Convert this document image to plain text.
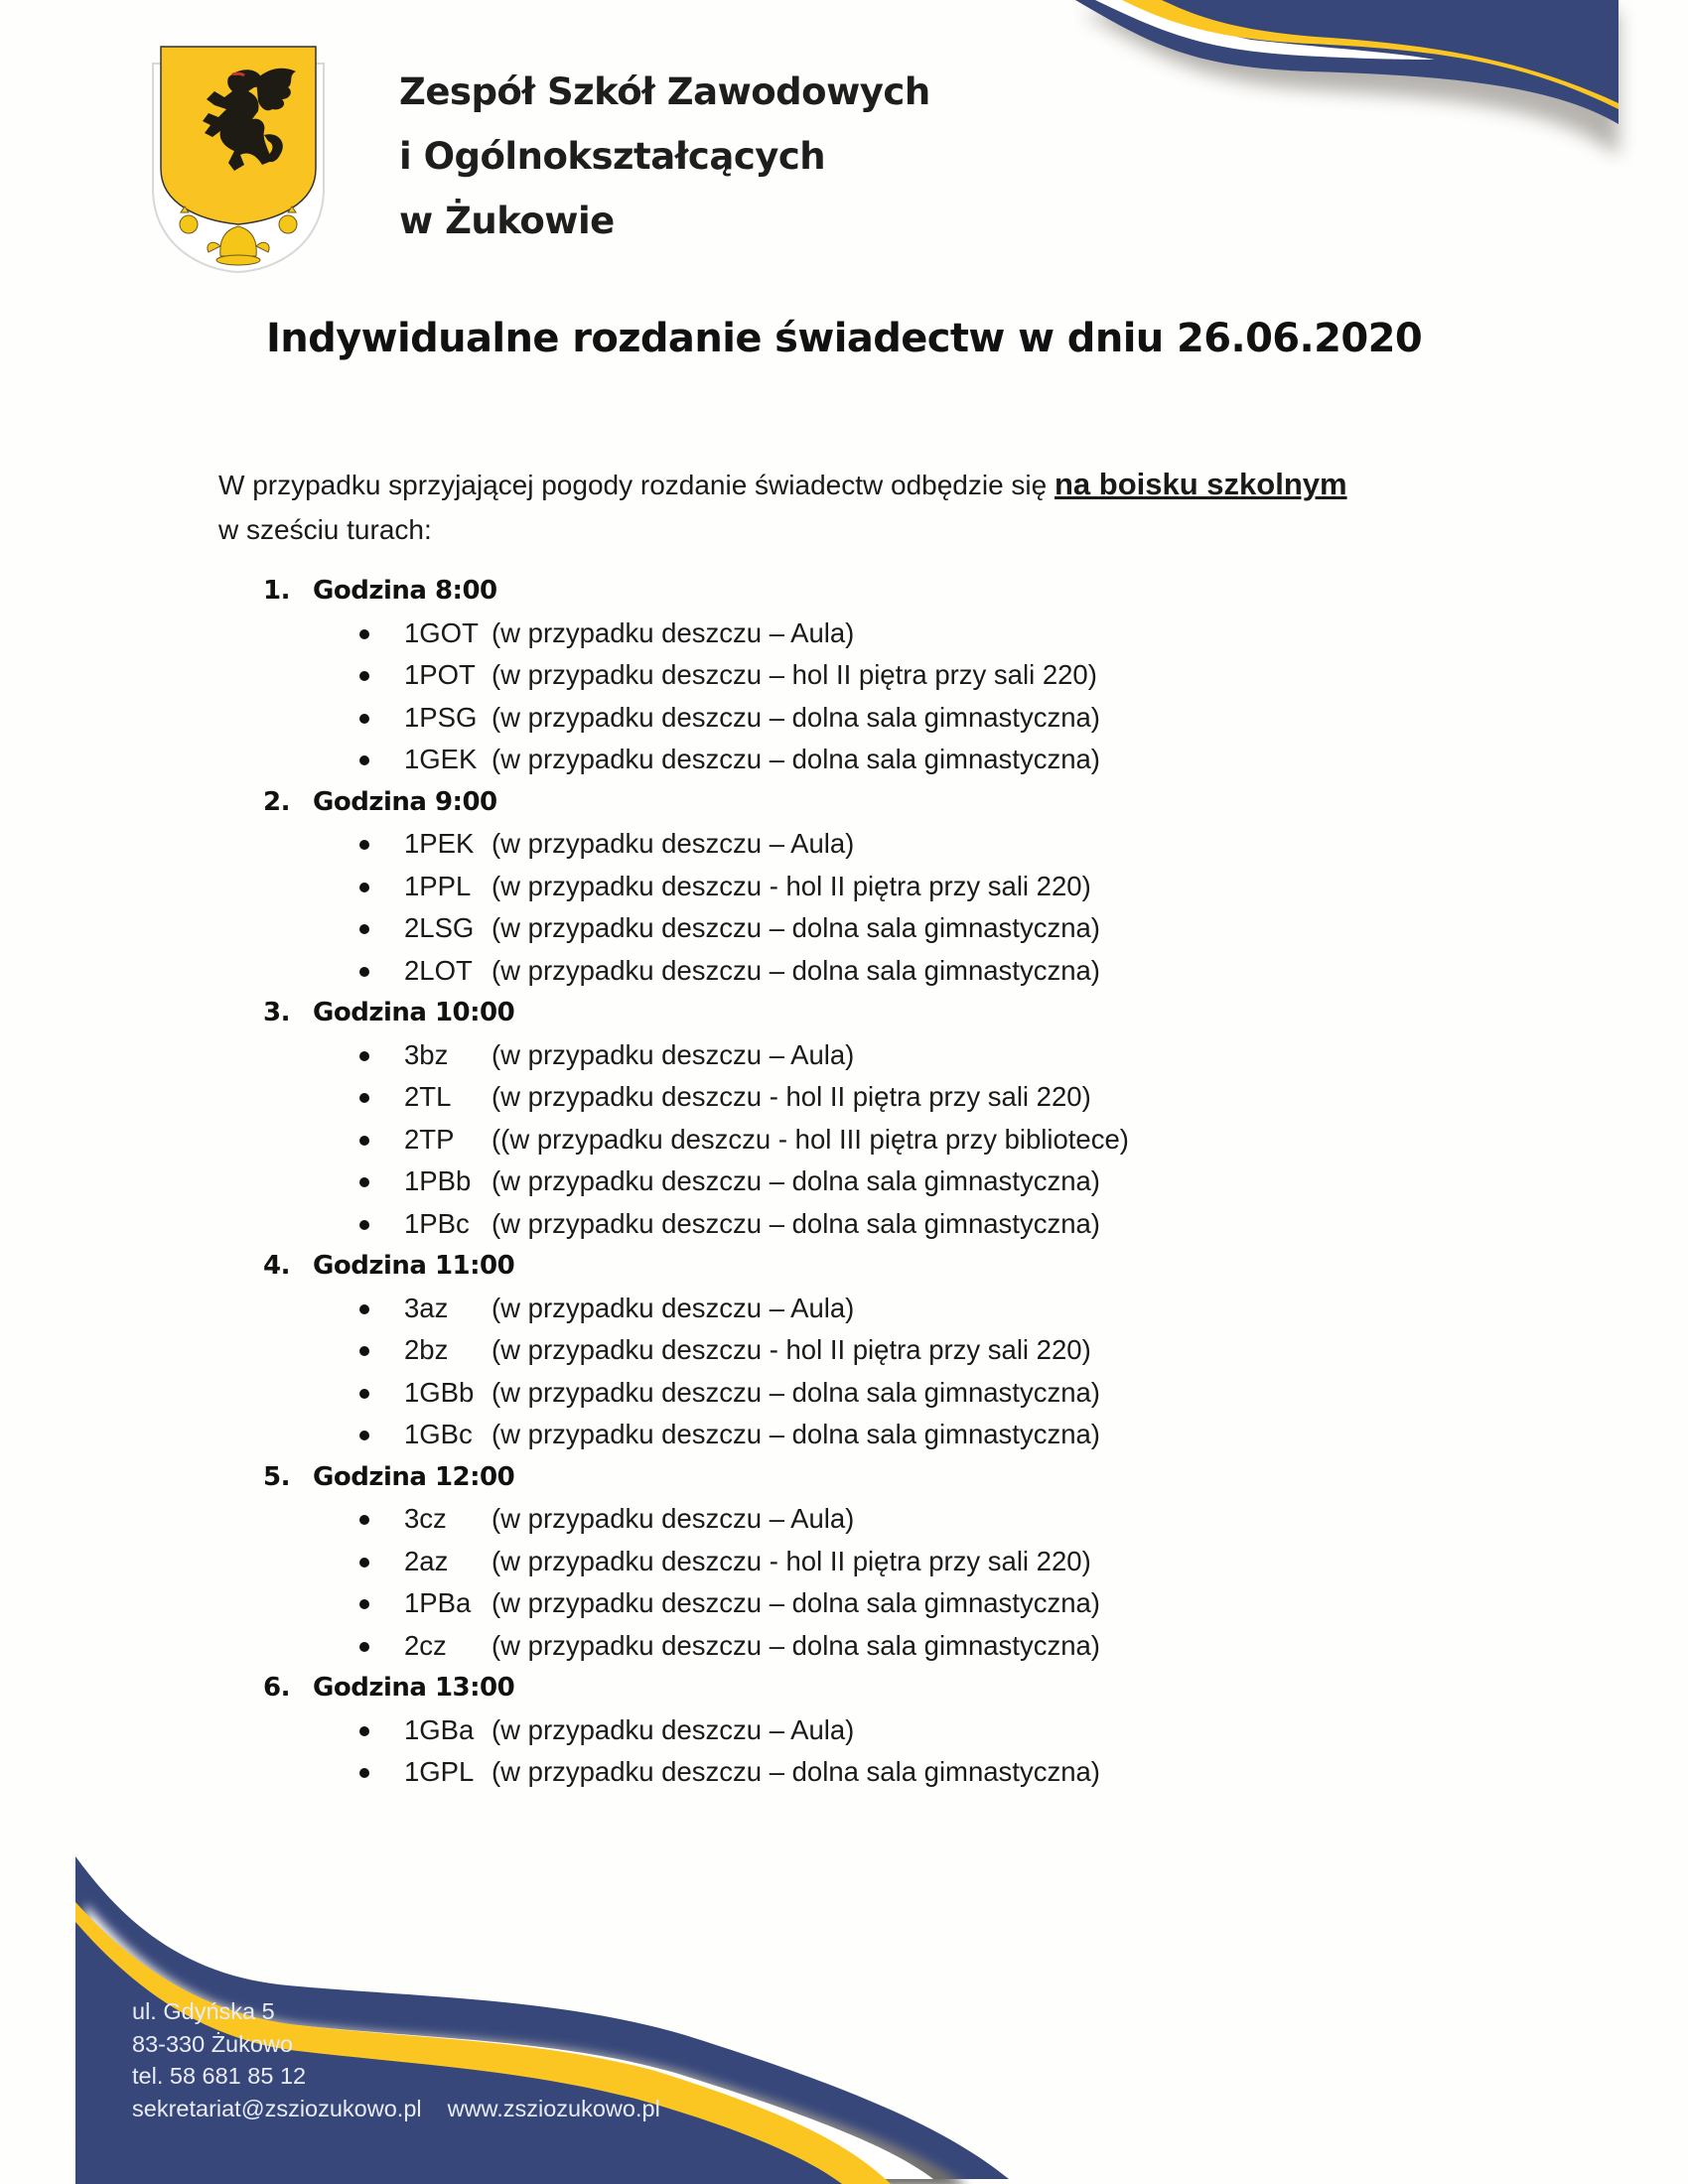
Zespół Szkół Zawodowych
i Ogólnokształcących
w Żukowie
Indywidualne rozdanie świadectw w dniu 26.06.2020
W przypadku sprzyjającej pogody rozdanie świadectw odbędzie się na boisku szkolnym
w sześciu turach:
1. Godzina 8:00
1GOT (w przypadku deszczu – Aula)
1POT (w przypadku deszczu – hol II piętra przy sali 220)
1PSG (w przypadku deszczu – dolna sala gimnastyczna)
1GEK (w przypadku deszczu – dolna sala gimnastyczna)
2. Godzina 9:00
1PEK (w przypadku deszczu – Aula)
1PPL (w przypadku deszczu - hol II piętra przy sali 220)
2LSG (w przypadku deszczu – dolna sala gimnastyczna)
2LOT (w przypadku deszczu – dolna sala gimnastyczna)
3. Godzina 10:00
3bz (w przypadku deszczu – Aula)
2TL (w przypadku deszczu - hol II piętra przy sali 220)
2TP ((w przypadku deszczu - hol III piętra przy bibliotece)
1PBb (w przypadku deszczu – dolna sala gimnastyczna)
1PBc (w przypadku deszczu – dolna sala gimnastyczna)
4. Godzina 11:00
3az (w przypadku deszczu – Aula)
2bz (w przypadku deszczu - hol II piętra przy sali 220)
1GBb (w przypadku deszczu – dolna sala gimnastyczna)
1GBc (w przypadku deszczu – dolna sala gimnastyczna)
5. Godzina 12:00
3cz (w przypadku deszczu – Aula)
2az (w przypadku deszczu - hol II piętra przy sali 220)
1PBa (w przypadku deszczu – dolna sala gimnastyczna)
2cz (w przypadku deszczu – dolna sala gimnastyczna)
6. Godzina 13:00
1GBa (w przypadku deszczu – Aula)
1GPL (w przypadku deszczu – dolna sala gimnastyczna)
ul. Gdyńska 5
83-330 Żukowo
tel. 58 681 85 12
sekretariat@zsziozukowo.pl www.zsziozukowo.pl
